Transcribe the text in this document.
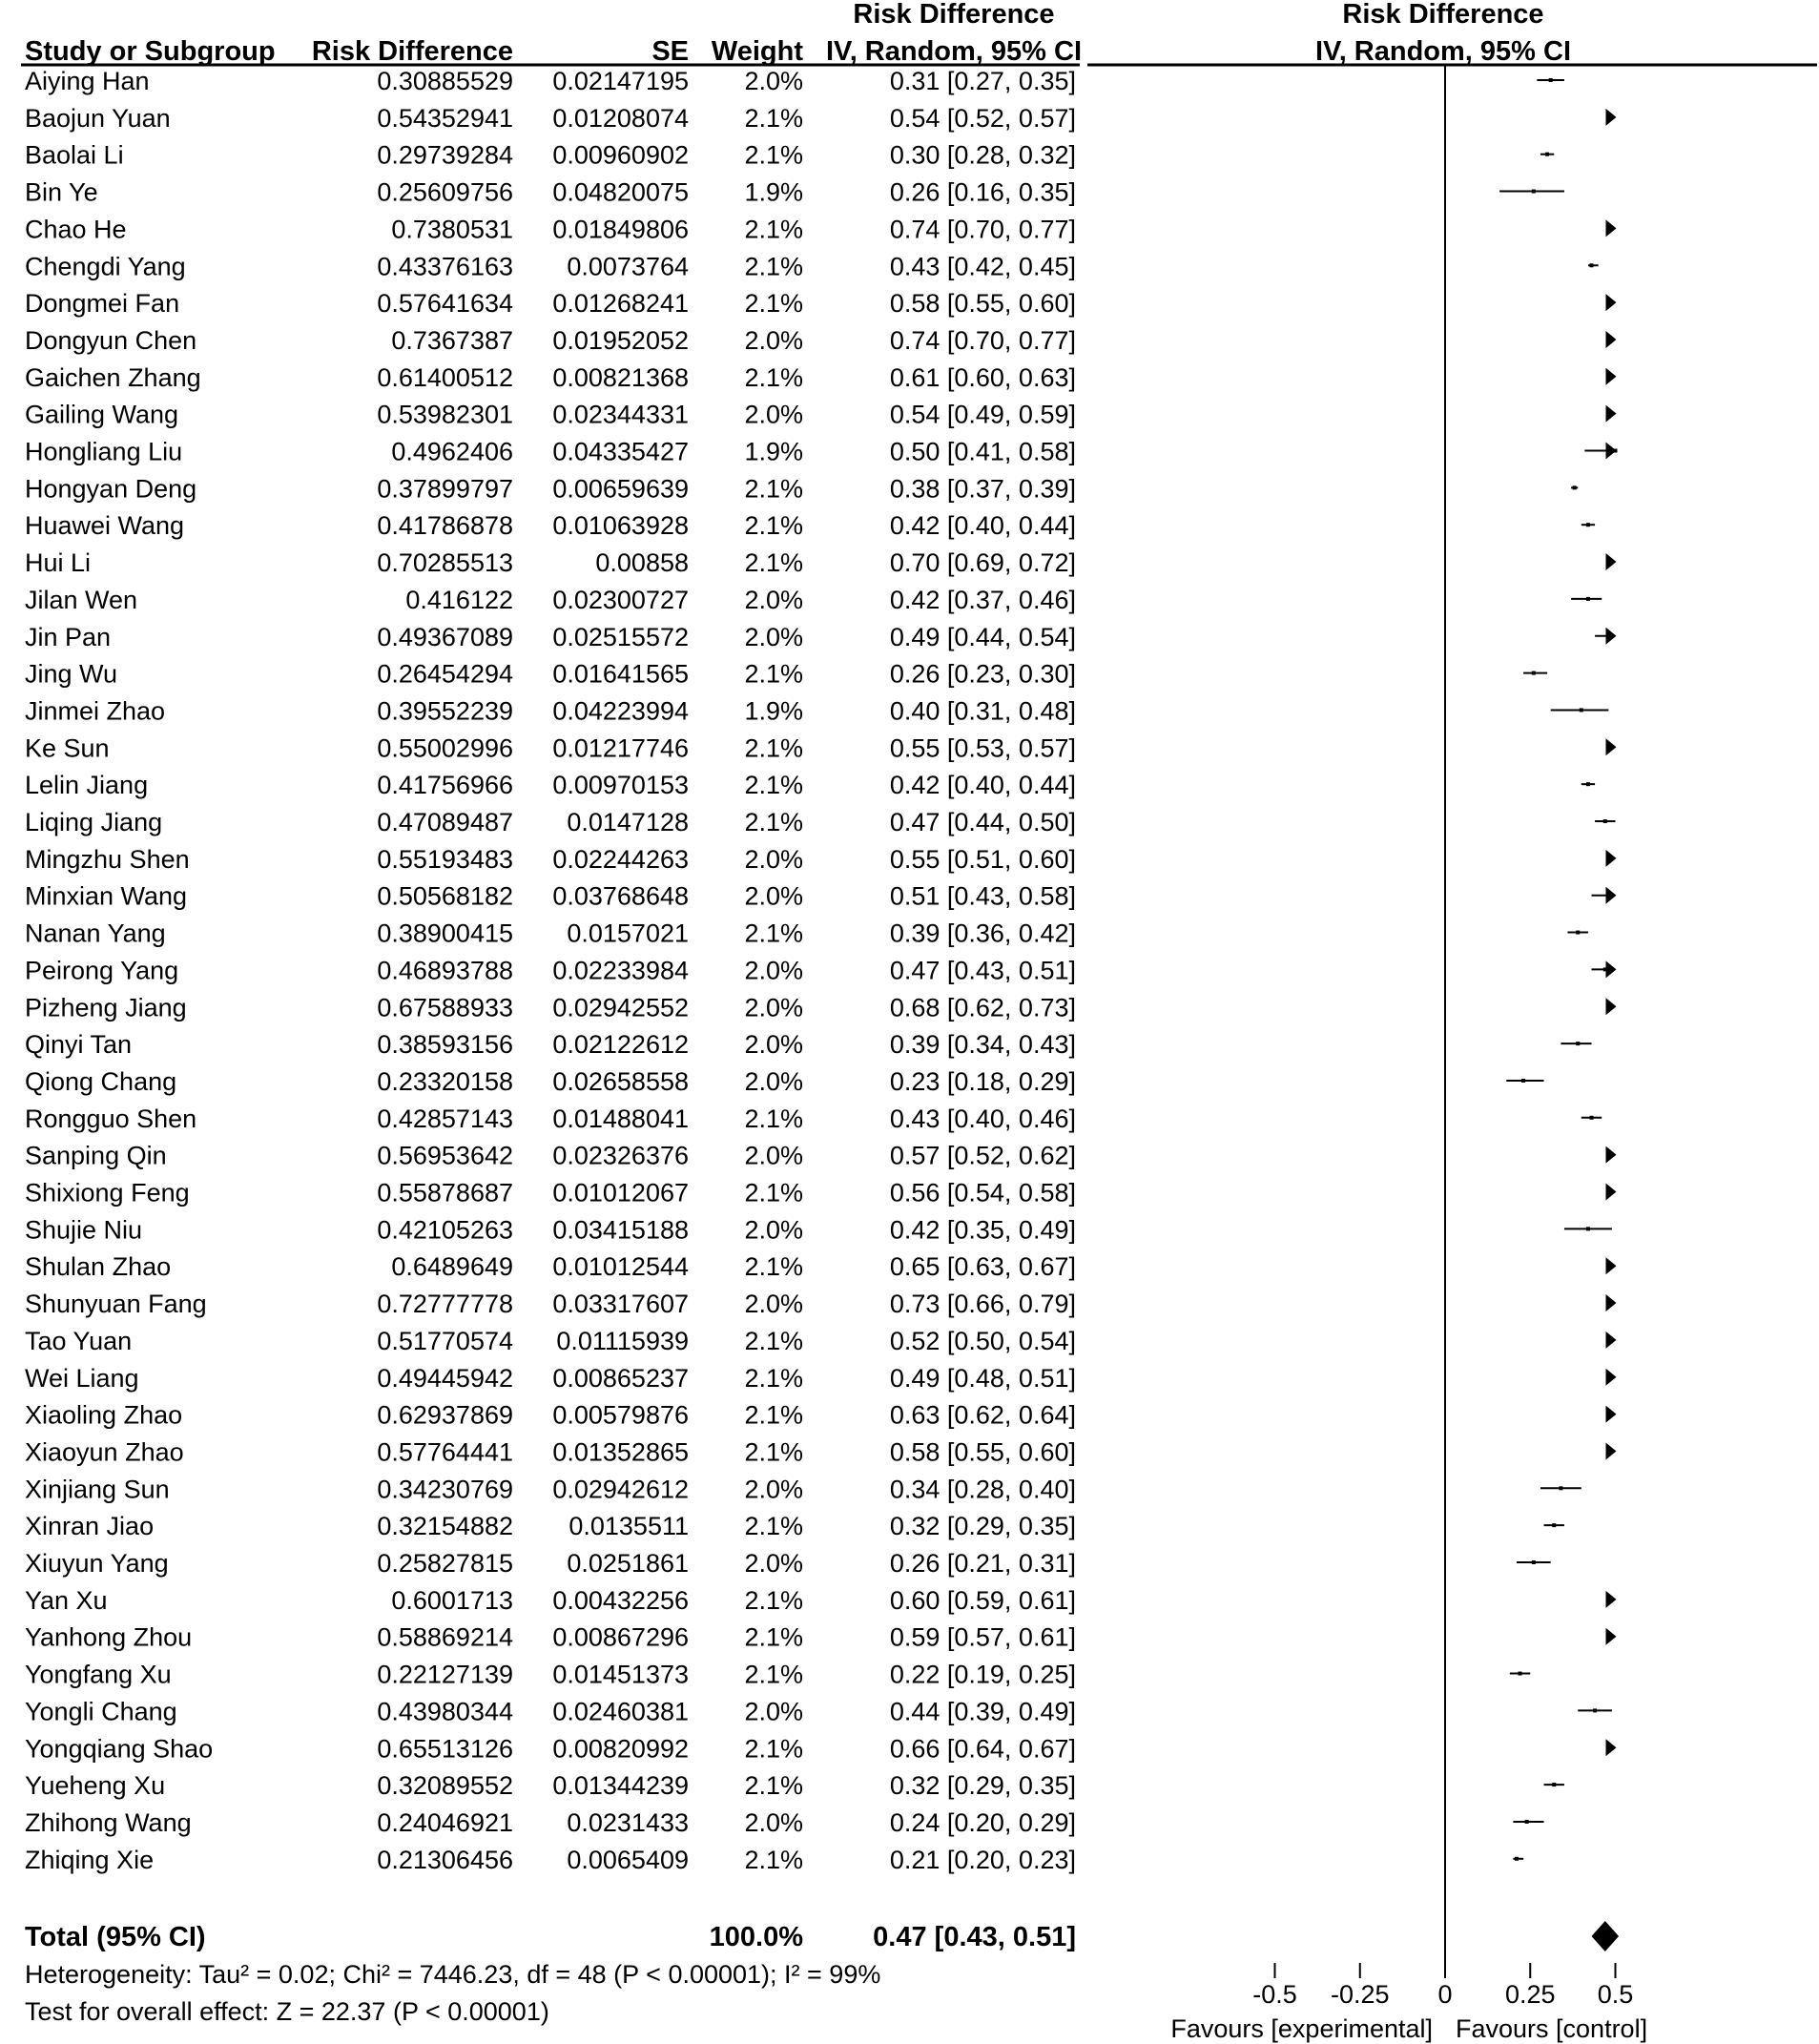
Study or Subgroup Risk Difference	SE Weight
Risk Difference
IV, Random, 95% CI
Risk Difference
IV, Random, 95% CI
Aiying Han	0.30885529 0.02147195 2.0%	0.31 [0.27, 0.35]
Baojun Yuan	0.54352941 0.01208074 2.1%	0.54 [0.52, 0.57]
Baolai Li	0.29739284 0.00960902 2.1%	0.30 [0.28, 0.32]
Bin Ye	0.25609756 0.04820075 1.9%	0.26 [0.16, 0.35]
Chao He	0.7380531 0.01849806 2.1%	0.74 [0.70, 0.77]
Chengdi Yang	0.43376163 0.0073764 2.1%	0.43 [0.42, 0.45]
Dongmei Fan	0.57641634 0.01268241 2.1%	0.58 [0.55, 0.60]
Dongyun Chen	0.7367387 0.01952052 2.0%	0.74 [0.70, 0.77]
Gaichen Zhang	0.61400512 0.00821368 2.1%	0.61 [0.60, 0.63]
Gailing Wang	0.53982301 0.02344331 2.0%	0.54 [0.49, 0.59]
Hongliang Liu	0.4962406 0.04335427 1.9%	0.50 [0.41, 0.58]
Hongyan Deng	0.37899797 0.00659639 2.1%	0.38 [0.37, 0.39]
Huawei Wang	0.41786878 0.01063928 2.1%	0.42 [0.40, 0.44]
Hui Li	0.70285513	0.00858 2.1%	0.70 [0.69, 0.72]
Jilan Wen	0.416122 0.02300727 2.0%	0.42 [0.37, 0.46]
Jin Pan	0.49367089 0.02515572 2.0%	0.49 [0.44, 0.54]
Jing Wu	0.26454294 0.01641565 2.1%	0.26 [0.23, 0.30]
Jinmei Zhao	0.39552239 0.04223994 1.9%	0.40 [0.31, 0.48]
Ke Sun	0.55002996 0.01217746 2.1%	0.55 [0.53, 0.57]
Lelin Jiang	0.41756966 0.00970153 2.1%	0.42 [0.40, 0.44]
Liqing Jiang	0.47089487 0.0147128 2.1%	0.47 [0.44, 0.50]
Mingzhu Shen	0.55193483 0.02244263 2.0%	0.55 [0.51, 0.60]
Minxian Wang	0.50568182 0.03768648 2.0%	0.51 [0.43, 0.58]
Nanan Yang	0.38900415 0.0157021 2.1%	0.39 [0.36, 0.42]
Peirong Yang	0.46893788 0.02233984 2.0%	0.47 [0.43, 0.51]
Pizheng Jiang	0.67588933 0.02942552 2.0%	0.68 [0.62, 0.73]
Qinyi Tan	0.38593156 0.02122612 2.0%	0.39 [0.34, 0.43]
Qiong Chang	0.23320158 0.02658558 2.0%	0.23 [0.18, 0.29]
Rongguo Shen	0.42857143 0.01488041 2.1%	0.43 [0.40, 0.46]
Sanping Qin	0.56953642 0.02326376 2.0%	0.57 [0.52, 0.62]
Shixiong Feng	0.55878687 0.01012067 2.1%	0.56 [0.54, 0.58]
Shujie Niu	0.42105263 0.03415188 2.0%	0.42 [0.35, 0.49]
Shulan Zhao	0.6489649 0.01012544 2.1%	0.65 [0.63, 0.67]
Shunyuan Fang	0.72777778 0.03317607 2.0%	0.73 [0.66, 0.79]
Tao Yuan	0.51770574 0.01115939 2.1%	0.52 [0.50, 0.54]
Wei Liang	0.49445942 0.00865237 2.1%	0.49 [0.48, 0.51]
Xiaoling Zhao	0.62937869 0.00579876 2.1%	0.63 [0.62, 0.64]
Xiaoyun Zhao	0.57764441 0.01352865 2.1%	0.58 [0.55, 0.60]
Xinjiang Sun	0.34230769 0.02942612 2.0%	0.34 [0.28, 0.40]
Xinran Jiao	0.32154882 0.0135511 2.1%	0.32 [0.29, 0.35]
Xiuyun Yang	0.25827815 0.0251861 2.0%	0.26 [0.21, 0.31]
Yan Xu	0.6001713 0.00432256 2.1%	0.60 [0.59, 0.61]
Yanhong Zhou	0.58869214 0.00867296 2.1%	0.59 [0.57, 0.61]
Yongfang Xu	0.22127139 0.01451373 2.1%	0.22 [0.19, 0.25]
Yongli Chang	0.43980344 0.02460381 2.0%	0.44 [0.39, 0.49]
Yongqiang Shao	0.65513126 0.00820992 2.1%	0.66 [0.64, 0.67]
Yueheng Xu	0.32089552 0.01344239 2.1%	0.32 [0.29, 0.35]
Zhihong Wang	0.24046921 0.0231433 2.0%	0.24 [0.20, 0.29]
Zhiqing Xie	0.21306456 0.0065409 2.1%	0.21 [0.20, 0.23]
Total (95% CI)	100.0%	0.47 [0.43, 0.51]
Heterogeneity: Tau² = 0.02; Chi² = 7446.23, df = 48 (P < 0.00001); I² = 99%
Test for overall effect: Z = 22.37 (P < 0.00001)
-0.5 -0.25 0 0.25 0.5
Favours [experimental] Favours [control]
